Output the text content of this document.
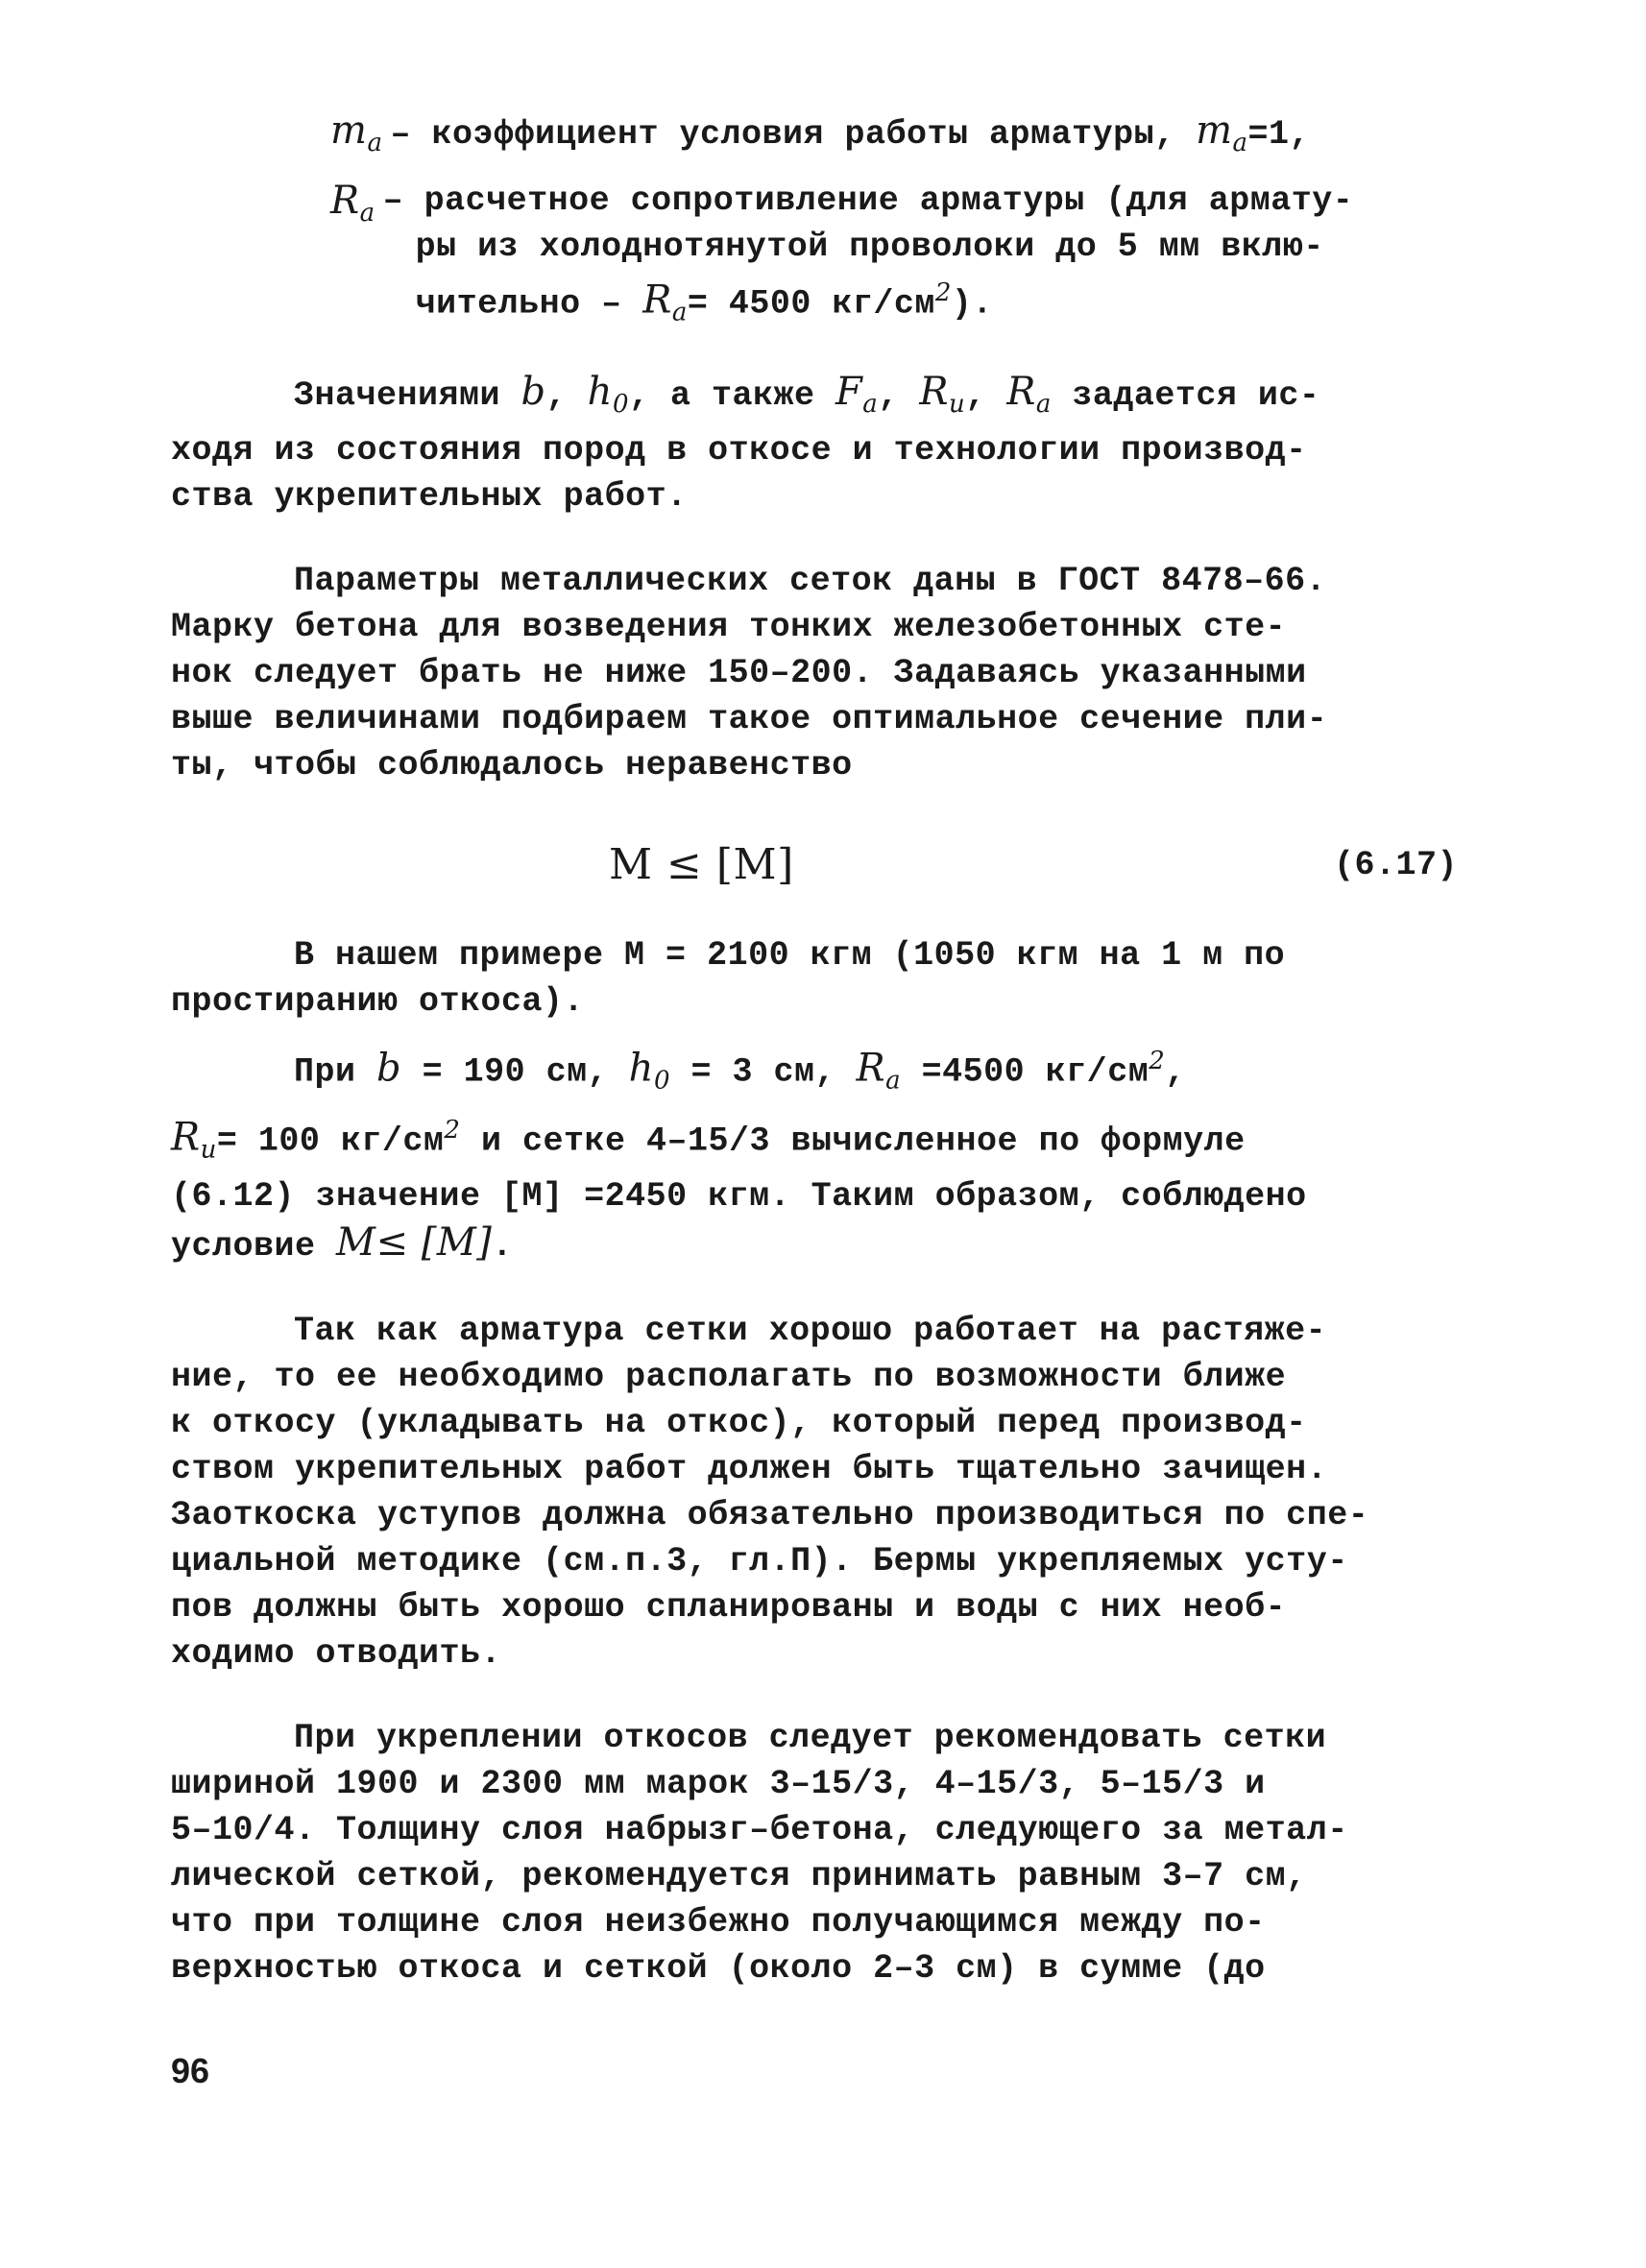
$m_a$ – коэффициент условия работы арматуры, $m_a=1$,
$R_a$ – расчетное сопротивление арматуры (для армату-
ры из холоднотянутой проволоки до 5 мм вклю-
чительно – $R_a= 4500$ $кг/см^2$).

Значениями b, $h_0$, а также $F_a$, $R_u$, $R_a$ задается ис-
ходя из состояния пород в откосе и технологии производ-
ства укрепительных работ.

Параметры металлических сеток даны в ГОСТ 8478–66.
Марку бетона для возведения тонких железобетонных сте-
нок следует брать не ниже 150–200. Задаваясь указанными
выше величинами подбираем такое оптимальное сечение пли-
ты, чтобы соблюдалось неравенство

M ≤ [M]	(6.17)

В нашем примере M = 2100 кгм (1050 кгм на 1 м по
простиранию откоса).

При b = 190 см, $h_0 = 3$ см, $R_a =4500$ $кг/см^2$,
$R_u= 100$ $кг/см^2$ и сетке 4–15/3 вычисленное по формуле
(6.12) значение [M] =2450 кгм. Таким образом, соблюдено
условие M≤ [M].

Так как арматура сетки хорошо работает на растяже-
ние, то ее необходимо располагать по возможности ближе
к откосу (укладывать на откос), который перед производ-
ством укрепительных работ должен быть тщательно зачищен.
Заоткоска уступов должна обязательно производиться по спе-
циальной методике (см.п.3, гл.П). Бермы укрепляемых усту-
пов должны быть хорошо спланированы и воды с них необ-
ходимо отводить.

При укреплении откосов следует рекомендовать сетки
шириной 1900 и 2300 мм марок 3–15/3, 4–15/3, 5–15/3 и
5–10/4. Толщину слоя набрызг–бетона, следующего за метал-
лической сеткой, рекомендуется принимать равным 3–7 см,
что при толщине слоя неизбежно получающимся между по-
верхностью откоса и сеткой (около 2–3 см) в сумме (до

96
